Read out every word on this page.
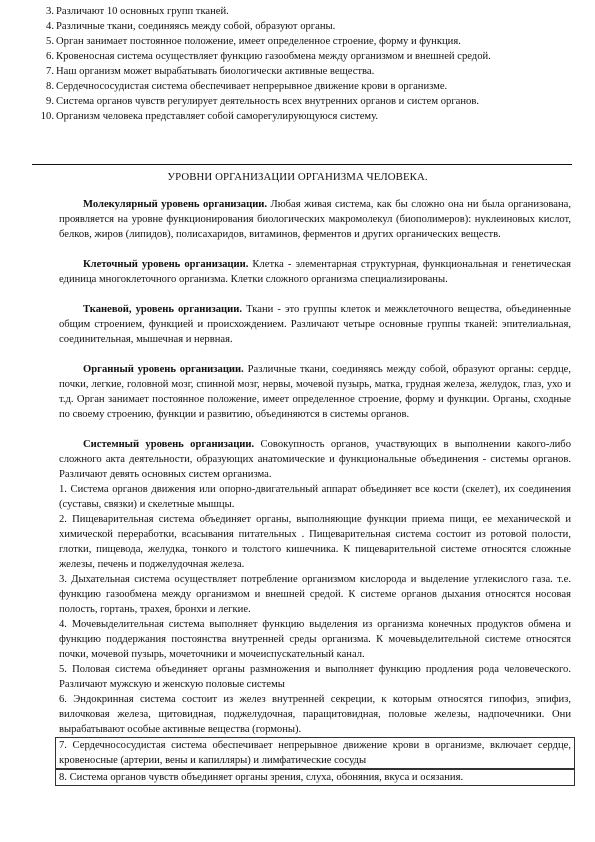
3. Различают 10 основных групп тканей.
4. Различные ткани, соединяясь между собой, образуют органы.
5. Орган занимает постоянное положение, имеет определенное строение, форму и функция.
6. Кровеносная система осуществляет функцию газообмена между организмом и внешней средой.
7. Наш организм может вырабатывать биологически активные вещества.
8. Сердечнососудистая система обеспечивает непрерывное движение крови в организме.
9. Система органов чувств регулирует деятельность всех внутренних органов и систем органов.
10. Организм человека представляет собой саморегулирующуюся систему.
УРОВНИ ОРГАНИЗАЦИИ ОРГАНИЗМА ЧЕЛОВЕКА.

Молекулярный уровень организации. Любая живая система, как бы сложно она ни была организована, проявляется на уровне функционирования биологических макромолекул (биополимеров): нуклеиновых кислот, белков, жиров (липидов), полисахаридов, витаминов, ферментов и других органических веществ.

Клеточный уровень организации. Клетка - элементарная структурная, функциональная и генетическая единица многоклеточного организма. Клетки сложного организма специализированы.

Тканевой, уровень организации. Ткани - это группы клеток и межклеточного вещества, объединенные общим строением, функцией и происхождением. Различают четыре основные группы тканей: эпителиальная, соединительная, мышечная и нервная.

Органный уровень организации. Различные ткани, соединяясь между собой, образуют органы: сердце, почки, легкие, головной мозг, спинной мозг, нервы, мочевой пузырь, матка, грудная железа, желудок, глаз, ухо и т.д. Орган занимает постоянное положение, имеет определенное строение, форму и функции. Органы, сходные по своему строению, функции и развитию, объединяются в системы органов.

Системный уровень организации. Совокупность органов, участвующих в выполнении какого-либо сложного акта деятельности, образующих анатомические и функциональные объединения - системы органов. Различают девять основных систем организма.

1. Система органов движения или опорно-двигательный аппарат объединяет все кости (скелет), их соединения (суставы, связки) и скелетные мышцы.

2. Пищеварительная система объединяет органы, выполняющие функции приема пищи, ее механической и химической переработки, всасывания питательных . Пищеварительная система состоит из ротовой полости, глотки, пищевода, желудка, тонкого и толстого кишечника. К пищеварительной системе относятся сложные железы, печень и поджелудочная железа.

3. Дыхательная система осуществляет потребление организмом кислорода и выделение углекислого газа. т.е. функцию газообмена между организмом и внешней средой. К системе органов дыхания относятся носовая полость, гортань, трахея, бронхи и легкие.

4. Мочевыделительная система выполняет функцию выделения из организма конечных продуктов обмена и функцию поддержания постоянства внутренней среды организма. К мочевыделительной системе относятся почки, мочевой пузырь, мочеточники и мочеиспускательный канал.

5. Половая система объединяет органы размножения и выполняет функцию продления рода человеческого. Различают мужскую и женскую половые системы

6. Эндокринная система состоит из желез внутренней секреции, к которым относятся гипофиз, эпифиз, вилочковая железа, щитовидная, поджелудочная, паращитовидная, половые железы, надпочечники. Они вырабатывают особые активные вещества (гормоны).

7. Сердечнососудистая система обеспечивает непрерывное движение крови в организме, включает сердце, кровеносные (артерии, вены и капилляры) и лимфатические сосуды

8. Система органов чувств объединяет органы зрения, слуха, обоняния, вкуса и осязания.
